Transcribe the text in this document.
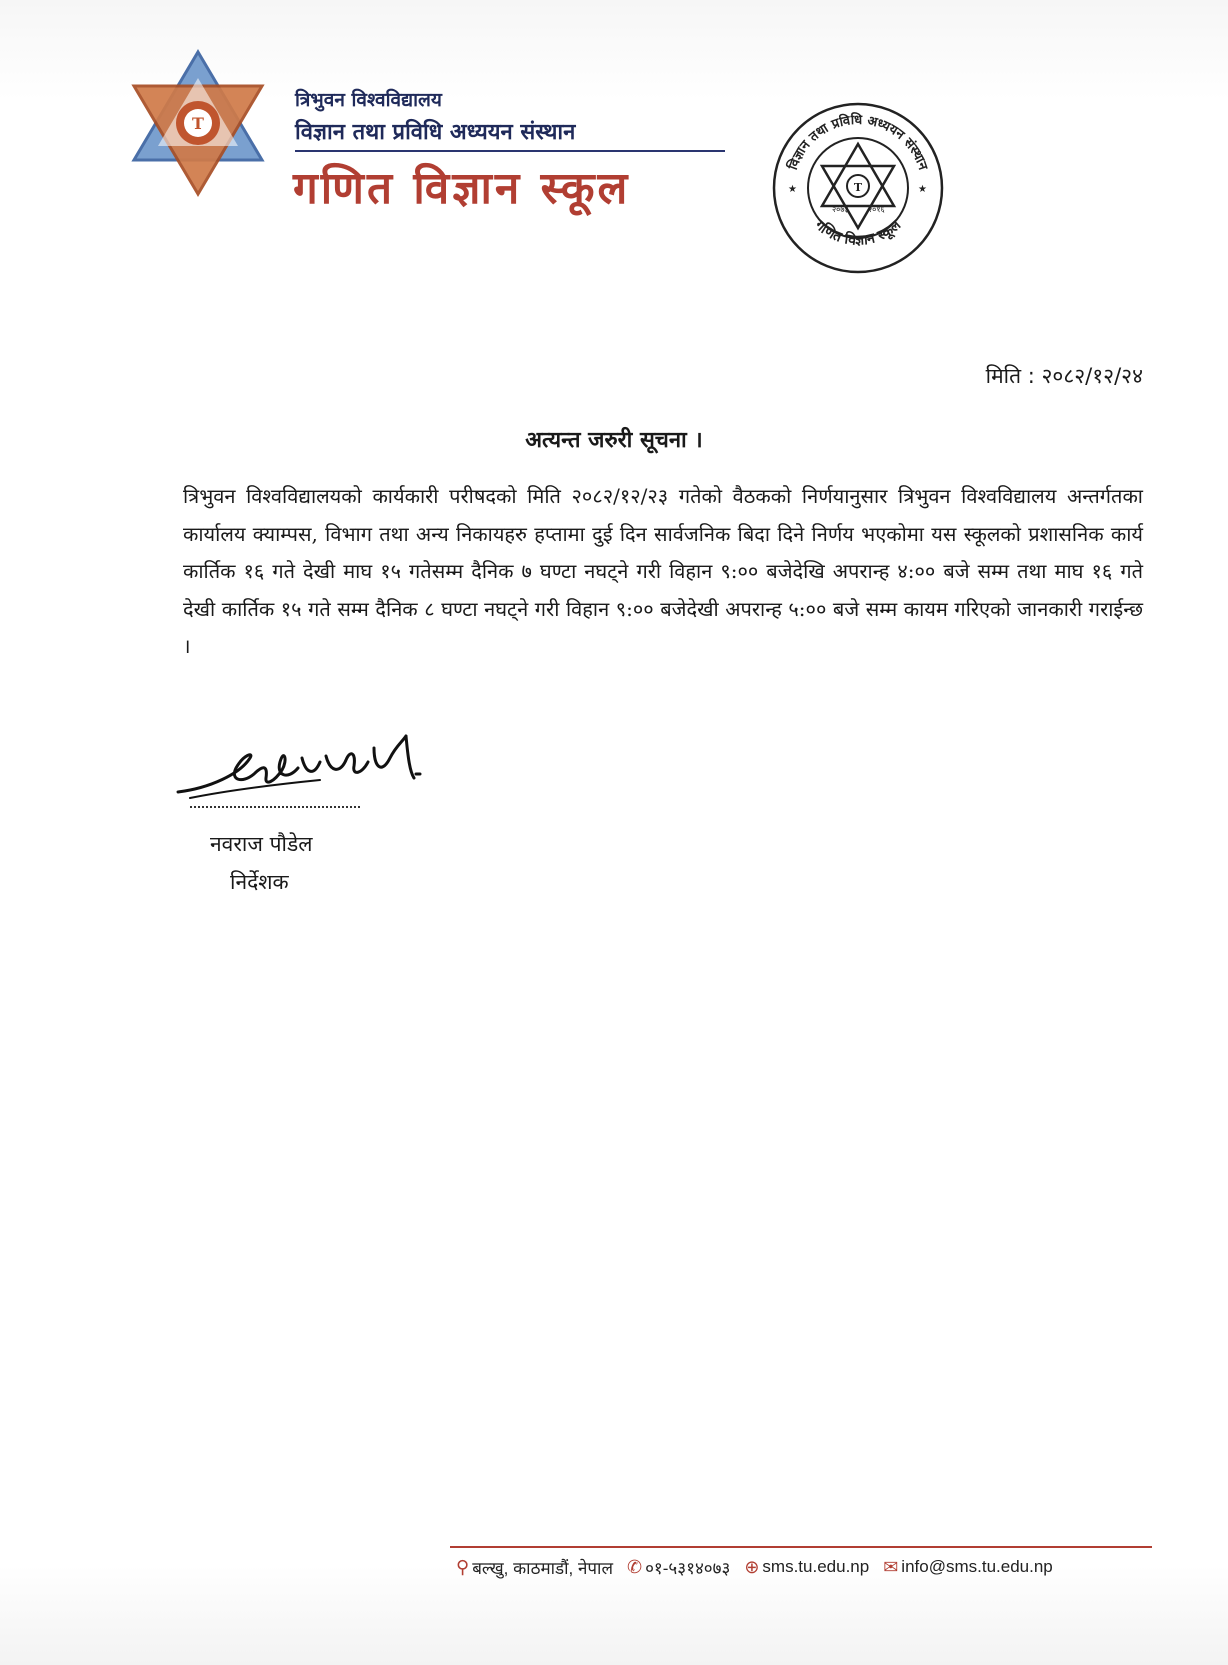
T
त्रिभुवन विश्वविद्यालय
विज्ञान तथा प्रविधि अध्ययन संस्थान
गणित विज्ञान स्कूल	विज्ञान तथा प्रविधि अध्ययन संस्थान
गणित विज्ञान स्कूल
T
२०७३ २०१६
★	★
मिति : २०८२/१२/२४
अत्यन्त जरुरी सूचना ।
त्रिभुवन विश्वविद्यालयको कार्यकारी परीषदको मिति २०८२/१२/२३ गतेको वैठकको निर्णयानुसार त्रिभुवन विश्वविद्यालय अन्तर्गतका कार्यालय क्याम्पस, विभाग तथा अन्य निकायहरु हप्तामा दुई दिन सार्वजनिक बिदा दिने निर्णय भएकोमा यस स्कूलको प्रशासनिक कार्य कार्तिक १६ गते देखी माघ १५ गतेसम्म दैनिक ७ घण्टा नघट्ने गरी विहान ९:०० बजेदेखि अपरान्ह ४:०० बजे सम्म तथा माघ १६ गते देखी कार्तिक १५ गते सम्म दैनिक ८ घण्टा नघट्ने गरी विहान ९:०० बजेदेखी अपरान्ह ५:०० बजे सम्म कायम गरिएको जानकारी गराईन्छ ।
नवराज पौडेल
निर्देशक
⚲ बल्खु, काठमाडौं, नेपाल ✆ ०१-५३१४०७३ ⊕ sms.tu.edu.np ✉ info@sms.tu.edu.np
